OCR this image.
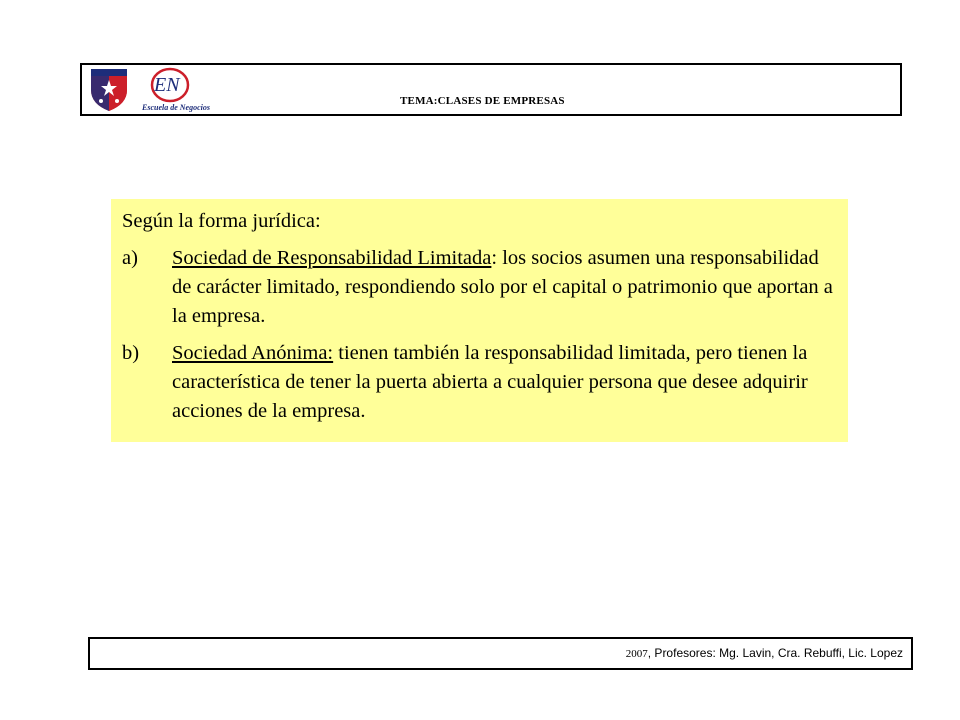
EN
Escuela de Negocios
TEMA:CLASES DE EMPRESAS

Según la forma jurídica:

a)	Sociedad de Responsabilidad Limitada: los socios asumen una responsabilidad de carácter limitado, respondiendo solo por el capital o patrimonio que aportan a la empresa.
b)	Sociedad Anónima: tienen también la responsabilidad limitada, pero tienen la característica de tener la puerta abierta a cualquier persona que desee adquirir acciones de la empresa.
2007, Profesores: Mg. Lavin, Cra. Rebuffi, Lic. Lopez
